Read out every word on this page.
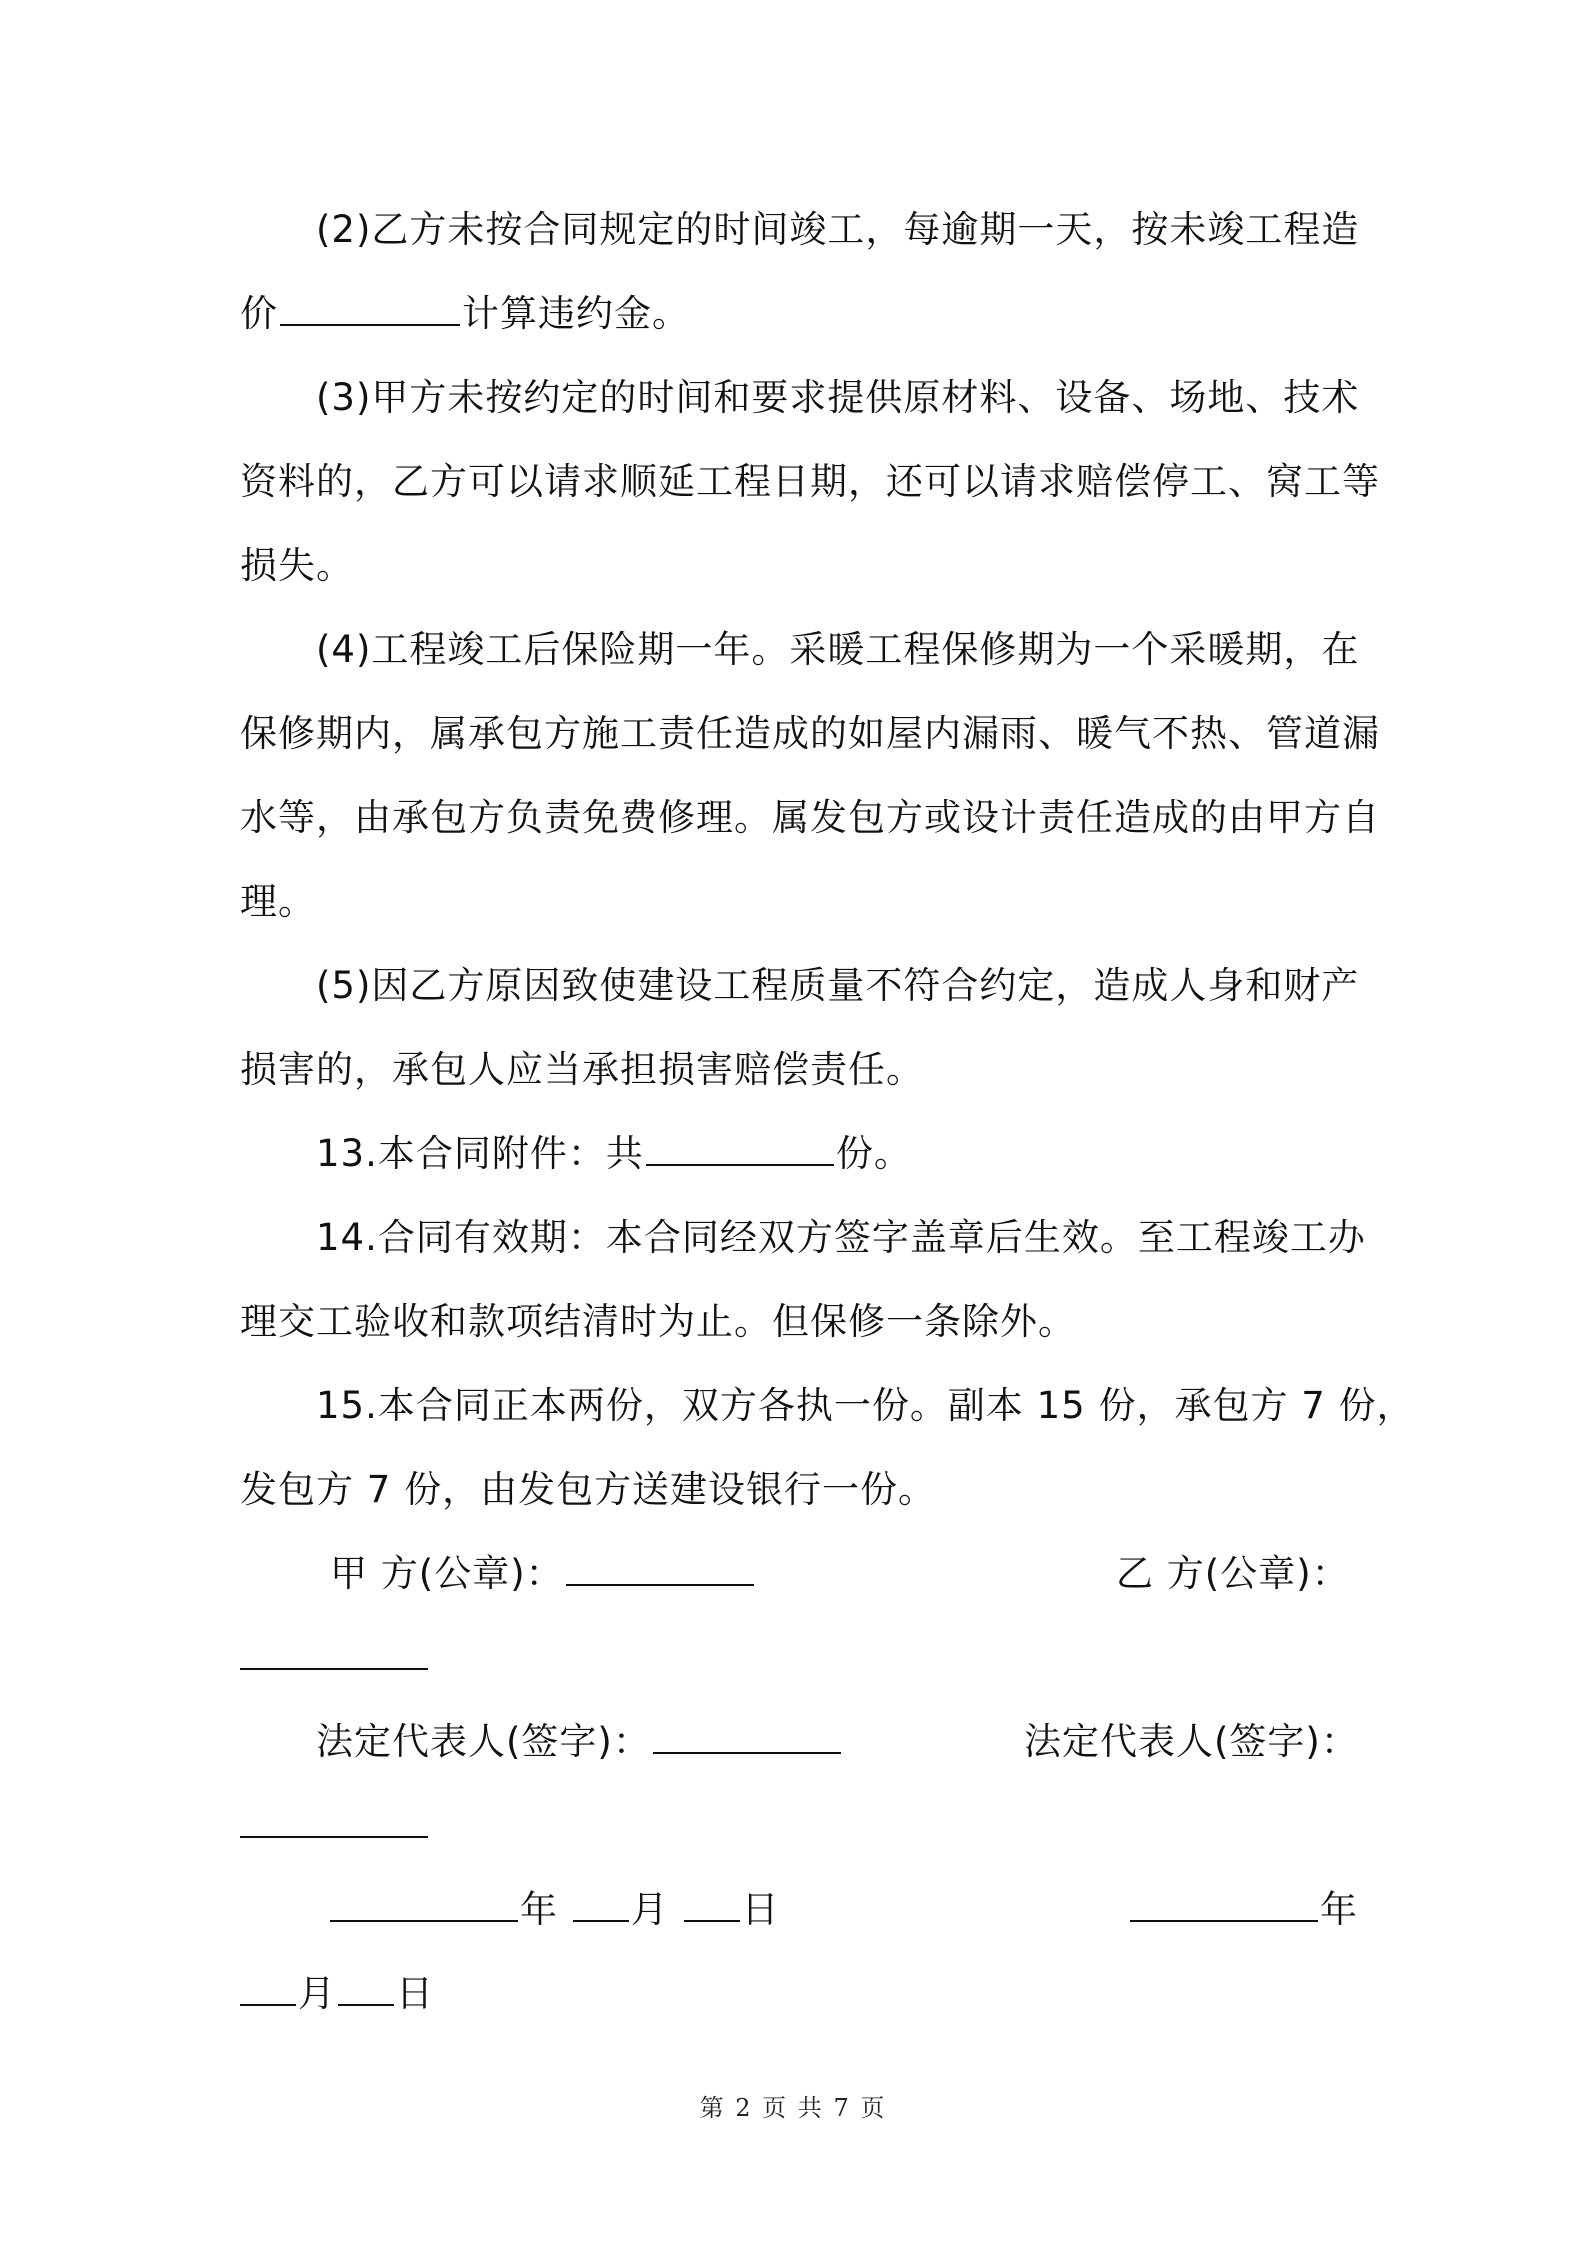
(2)乙方未按合同规定的时间竣工，每逾期一天，按未竣工程造
价	计算违约金。
(3)甲方未按约定的时间和要求提供原材料、设备、场地、技术
资料的，乙方可以请求顺延工程日期，还可以请求赔偿停工、窝工等
损失。
(4)工程竣工后保险期一年。采暖工程保修期为一个采暖期，在
保修期内，属承包方施工责任造成的如屋内漏雨、暖气不热、管道漏
水等，由承包方负责免费修理。属发包方或设计责任造成的由甲方自
理。
(5)因乙方原因致使建设工程质量不符合约定，造成人身和财产
损害的，承包人应当承担损害赔偿责任。
13.本合同附件：共	份。
14.合同有效期：本合同经双方签字盖章后生效。至工程竣工办
理交工验收和款项结清时为止。但保修一条除外。
15.本合同正本两份，双方各执一份。副本 15 份，承包方 7 份，
发包方 7 份，由发包方送建设银行一份。
甲 方(公章)：	乙 方(公章)：
法定代表人(签字)：	法定代表人(签字)：
年 月 日	年
月 日
第 2 页 共 7 页
